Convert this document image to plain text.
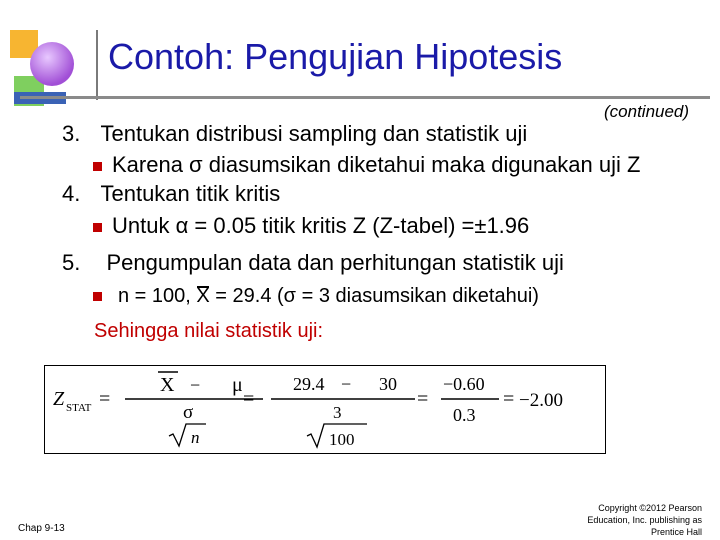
Contoh: Pengujian Hipotesis
(continued)
3. Tentukan distribusi sampling dan statistik uji
Karena σ diasumsikan diketahui maka digunakan uji Z
4. Tentukan titik kritis
Untuk α = 0.05 titik kritis Z (Z-tabel) =±1.96
5. Pengumpulan data dan perhitungan statistik uji
n = 100, X = 29.4 (σ = 3 diasumsikan diketahui)
Sehingga nilai statistik uji:
Z STAT =
X − μ
σ
n
=
29.4 − 30
3
100
=
−0.60
0.3
= −2.00
Chap 9-13
Copyright ©2012 Pearson
Education, Inc. publishing as
Prentice Hall
